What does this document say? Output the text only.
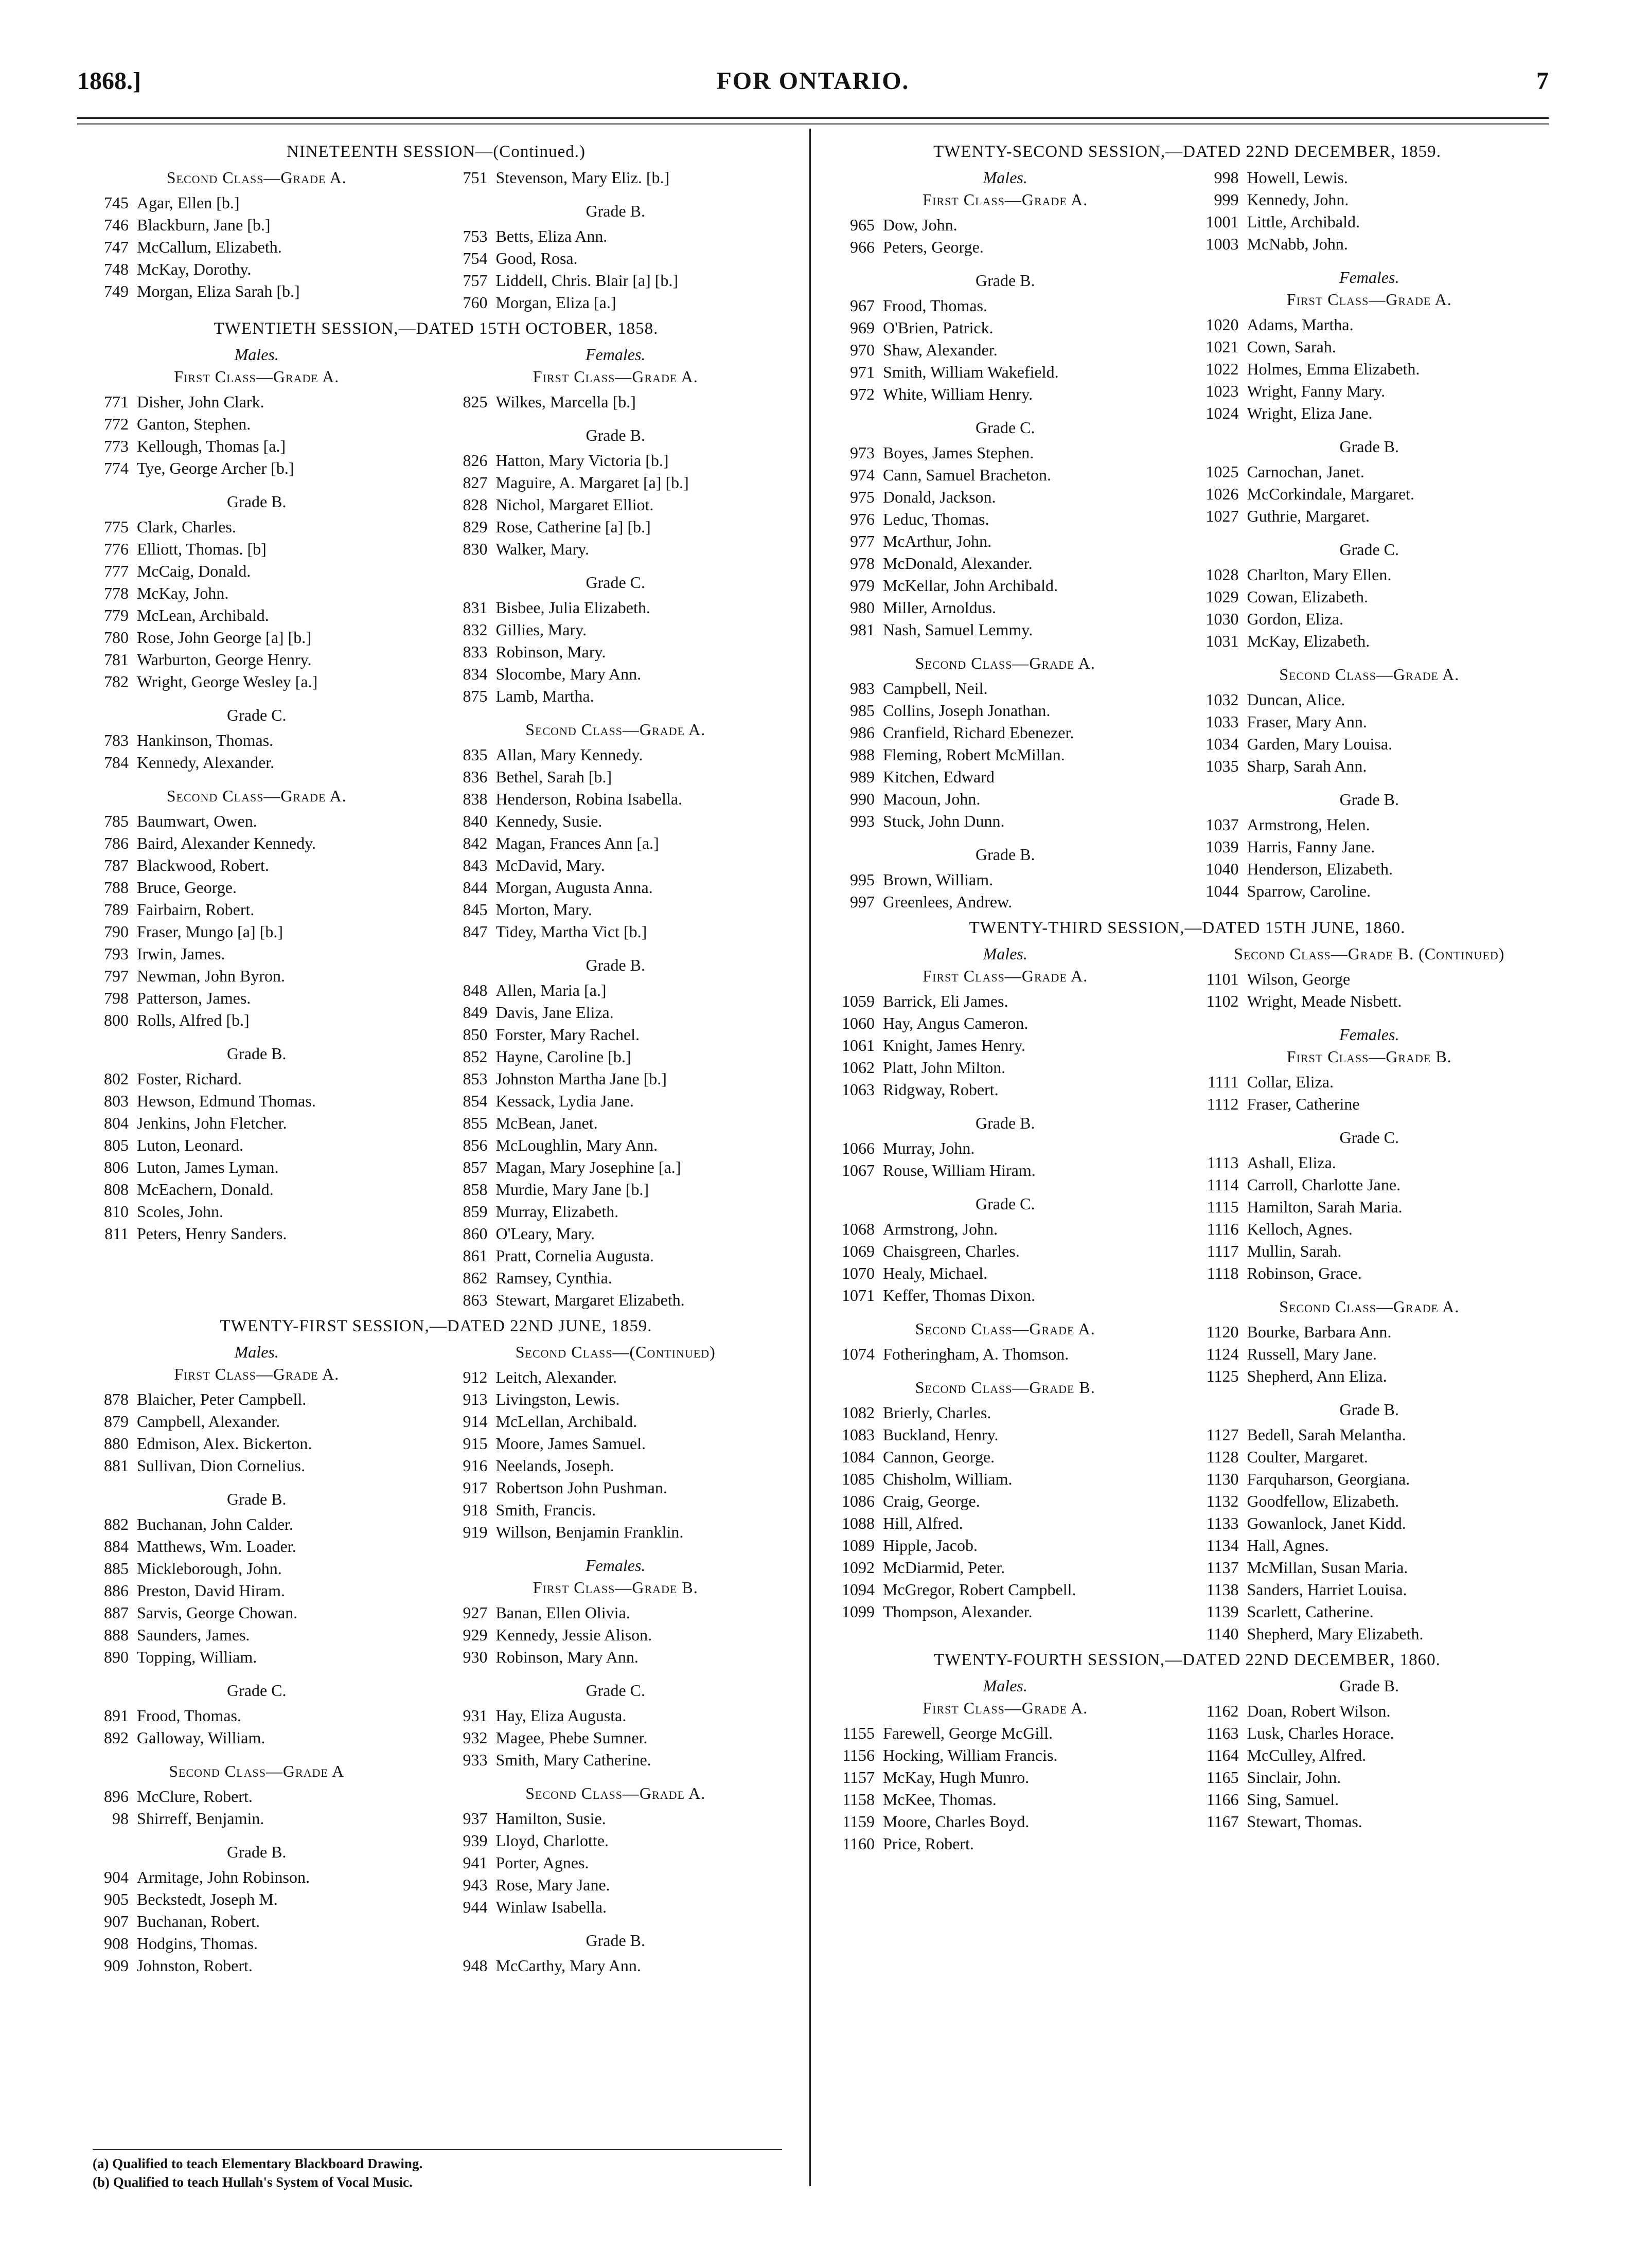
1868.]	FOR ONTARIO.	7
NINETEENTH SESSION—(Continued.)
Second Class—Grade A.
745 Agar, Ellen [b.]
746 Blackburn, Jane [b.]
747 McCallum, Elizabeth.
748 McKay, Dorothy.
749 Morgan, Eliza Sarah [b.]
751 Stevenson, Mary Eliz. [b.]
Grade B.
753 Betts, Eliza Ann.
754 Good, Rosa.
757 Liddell, Chris. Blair [a] [b.]
760 Morgan, Eliza [a.]
TWENTIETH SESSION,—DATED 15TH OCTOBER, 1858.
Males.
First Class—Grade A.
771 Disher, John Clark.
772 Ganton, Stephen.
773 Kellough, Thomas [a.]
774 Tye, George Archer [b.]
Grade B.
775 Clark, Charles.
776 Elliott, Thomas. [b]
777 McCaig, Donald.
778 McKay, John.
779 McLean, Archibald.
780 Rose, John George [a] [b.]
781 Warburton, George Henry.
782 Wright, George Wesley [a.]
Grade C.
783 Hankinson, Thomas.
784 Kennedy, Alexander.
Second Class—Grade A.
785 Baumwart, Owen.
786 Baird, Alexander Kennedy.
787 Blackwood, Robert.
788 Bruce, George.
789 Fairbairn, Robert.
790 Fraser, Mungo [a] [b.]
793 Irwin, James.
797 Newman, John Byron.
798 Patterson, James.
800 Rolls, Alfred [b.]
Grade B.
802 Foster, Richard.
803 Hewson, Edmund Thomas.
804 Jenkins, John Fletcher.
805 Luton, Leonard.
806 Luton, James Lyman.
808 McEachern, Donald.
810 Scoles, John.
811 Peters, Henry Sanders.
Females.
First Class—Grade A.
825 Wilkes, Marcella [b.]
Grade B.
826 Hatton, Mary Victoria [b.]
827 Maguire, A. Margaret [a] [b.]
828 Nichol, Margaret Elliot.
829 Rose, Catherine [a] [b.]
830 Walker, Mary.
Grade C.
831 Bisbee, Julia Elizabeth.
832 Gillies, Mary.
833 Robinson, Mary.
834 Slocombe, Mary Ann.
875 Lamb, Martha.
Second Class—Grade A.
835 Allan, Mary Kennedy.
836 Bethel, Sarah [b.]
838 Henderson, Robina Isabella.
840 Kennedy, Susie.
842 Magan, Frances Ann [a.]
843 McDavid, Mary.
844 Morgan, Augusta Anna.
845 Morton, Mary.
847 Tidey, Martha Vict [b.]
Grade B.
848 Allen, Maria [a.]
849 Davis, Jane Eliza.
850 Forster, Mary Rachel.
852 Hayne, Caroline [b.]
853 Johnston Martha Jane [b.]
854 Kessack, Lydia Jane.
855 McBean, Janet.
856 McLoughlin, Mary Ann.
857 Magan, Mary Josephine [a.]
858 Murdie, Mary Jane [b.]
859 Murray, Elizabeth.
860 O'Leary, Mary.
861 Pratt, Cornelia Augusta.
862 Ramsey, Cynthia.
863 Stewart, Margaret Elizabeth.
TWENTY-FIRST SESSION,—DATED 22ND JUNE, 1859.
Males.
First Class—Grade A.
878 Blaicher, Peter Campbell.
879 Campbell, Alexander.
880 Edmison, Alex. Bickerton.
881 Sullivan, Dion Cornelius.
Grade B.
882 Buchanan, John Calder.
884 Matthews, Wm. Loader.
885 Mickleborough, John.
886 Preston, David Hiram.
887 Sarvis, George Chowan.
888 Saunders, James.
890 Topping, William.
Grade C.
891 Frood, Thomas.
892 Galloway, William.
Second Class—Grade A
896 McClure, Robert.
98 Shirreff, Benjamin.
Grade B.
904 Armitage, John Robinson.
905 Beckstedt, Joseph M.
907 Buchanan, Robert.
908 Hodgins, Thomas.
909 Johnston, Robert.
Second Class—(Continued)
912 Leitch, Alexander.
913 Livingston, Lewis.
914 McLellan, Archibald.
915 Moore, James Samuel.
916 Neelands, Joseph.
917 Robertson John Pushman.
918 Smith, Francis.
919 Willson, Benjamin Franklin.
Females.
First Class—Grade B.
927 Banan, Ellen Olivia.
929 Kennedy, Jessie Alison.
930 Robinson, Mary Ann.
Grade C.
931 Hay, Eliza Augusta.
932 Magee, Phebe Sumner.
933 Smith, Mary Catherine.
Second Class—Grade A.
937 Hamilton, Susie.
939 Lloyd, Charlotte.
941 Porter, Agnes.
943 Rose, Mary Jane.
944 Winlaw Isabella.
Grade B.
948 McCarthy, Mary Ann.
TWENTY-SECOND SESSION,—DATED 22ND DECEMBER, 1859.
Males.
First Class—Grade A.
965 Dow, John.
966 Peters, George.
Grade B.
967 Frood, Thomas.
969 O'Brien, Patrick.
970 Shaw, Alexander.
971 Smith, William Wakefield.
972 White, William Henry.
Grade C.
973 Boyes, James Stephen.
974 Cann, Samuel Bracheton.
975 Donald, Jackson.
976 Leduc, Thomas.
977 McArthur, John.
978 McDonald, Alexander.
979 McKellar, John Archibald.
980 Miller, Arnoldus.
981 Nash, Samuel Lemmy.
Second Class—Grade A.
983 Campbell, Neil.
985 Collins, Joseph Jonathan.
986 Cranfield, Richard Ebenezer.
988 Fleming, Robert McMillan.
989 Kitchen, Edward
990 Macoun, John.
993 Stuck, John Dunn.
Grade B.
995 Brown, William.
997 Greenlees, Andrew.
998 Howell, Lewis.
999 Kennedy, John.
1001 Little, Archibald.
1003 McNabb, John.
Females.
First Class—Grade A.
1020 Adams, Martha.
1021 Cown, Sarah.
1022 Holmes, Emma Elizabeth.
1023 Wright, Fanny Mary.
1024 Wright, Eliza Jane.
Grade B.
1025 Carnochan, Janet.
1026 McCorkindale, Margaret.
1027 Guthrie, Margaret.
Grade C.
1028 Charlton, Mary Ellen.
1029 Cowan, Elizabeth.
1030 Gordon, Eliza.
1031 McKay, Elizabeth.
Second Class—Grade A.
1032 Duncan, Alice.
1033 Fraser, Mary Ann.
1034 Garden, Mary Louisa.
1035 Sharp, Sarah Ann.
Grade B.
1037 Armstrong, Helen.
1039 Harris, Fanny Jane.
1040 Henderson, Elizabeth.
1044 Sparrow, Caroline.
TWENTY-THIRD SESSION,—DATED 15TH JUNE, 1860.
Males.
First Class—Grade A.
1059 Barrick, Eli James.
1060 Hay, Angus Cameron.
1061 Knight, James Henry.
1062 Platt, John Milton.
1063 Ridgway, Robert.
Grade B.
1066 Murray, John.
1067 Rouse, William Hiram.
Grade C.
1068 Armstrong, John.
1069 Chaisgreen, Charles.
1070 Healy, Michael.
1071 Keffer, Thomas Dixon.
Second Class—Grade A.
1074 Fotheringham, A. Thomson.
Second Class—Grade B.
1082 Brierly, Charles.
1083 Buckland, Henry.
1084 Cannon, George.
1085 Chisholm, William.
1086 Craig, George.
1088 Hill, Alfred.
1089 Hipple, Jacob.
1092 McDiarmid, Peter.
1094 McGregor, Robert Campbell.
1099 Thompson, Alexander.
Second Class—Grade B. (Continued)
1101 Wilson, George
1102 Wright, Meade Nisbett.
Females.
First Class—Grade B.
1111 Collar, Eliza.
1112 Fraser, Catherine
Grade C.
1113 Ashall, Eliza.
1114 Carroll, Charlotte Jane.
1115 Hamilton, Sarah Maria.
1116 Kelloch, Agnes.
1117 Mullin, Sarah.
1118 Robinson, Grace.
Second Class—Grade A.
1120 Bourke, Barbara Ann.
1124 Russell, Mary Jane.
1125 Shepherd, Ann Eliza.
Grade B.
1127 Bedell, Sarah Melantha.
1128 Coulter, Margaret.
1130 Farquharson, Georgiana.
1132 Goodfellow, Elizabeth.
1133 Gowanlock, Janet Kidd.
1134 Hall, Agnes.
1137 McMillan, Susan Maria.
1138 Sanders, Harriet Louisa.
1139 Scarlett, Catherine.
1140 Shepherd, Mary Elizabeth.
TWENTY-FOURTH SESSION,—DATED 22ND DECEMBER, 1860.
Males.
First Class—Grade A.
1155 Farewell, George McGill.
1156 Hocking, William Francis.
1157 McKay, Hugh Munro.
1158 McKee, Thomas.
1159 Moore, Charles Boyd.
1160 Price, Robert.
Grade B.
1162 Doan, Robert Wilson.
1163 Lusk, Charles Horace.
1164 McCulley, Alfred.
1165 Sinclair, John.
1166 Sing, Samuel.
1167 Stewart, Thomas.
(a) Qualified to teach Elementary Blackboard Drawing.
(b) Qualified to teach Hullah's System of Vocal Music.
